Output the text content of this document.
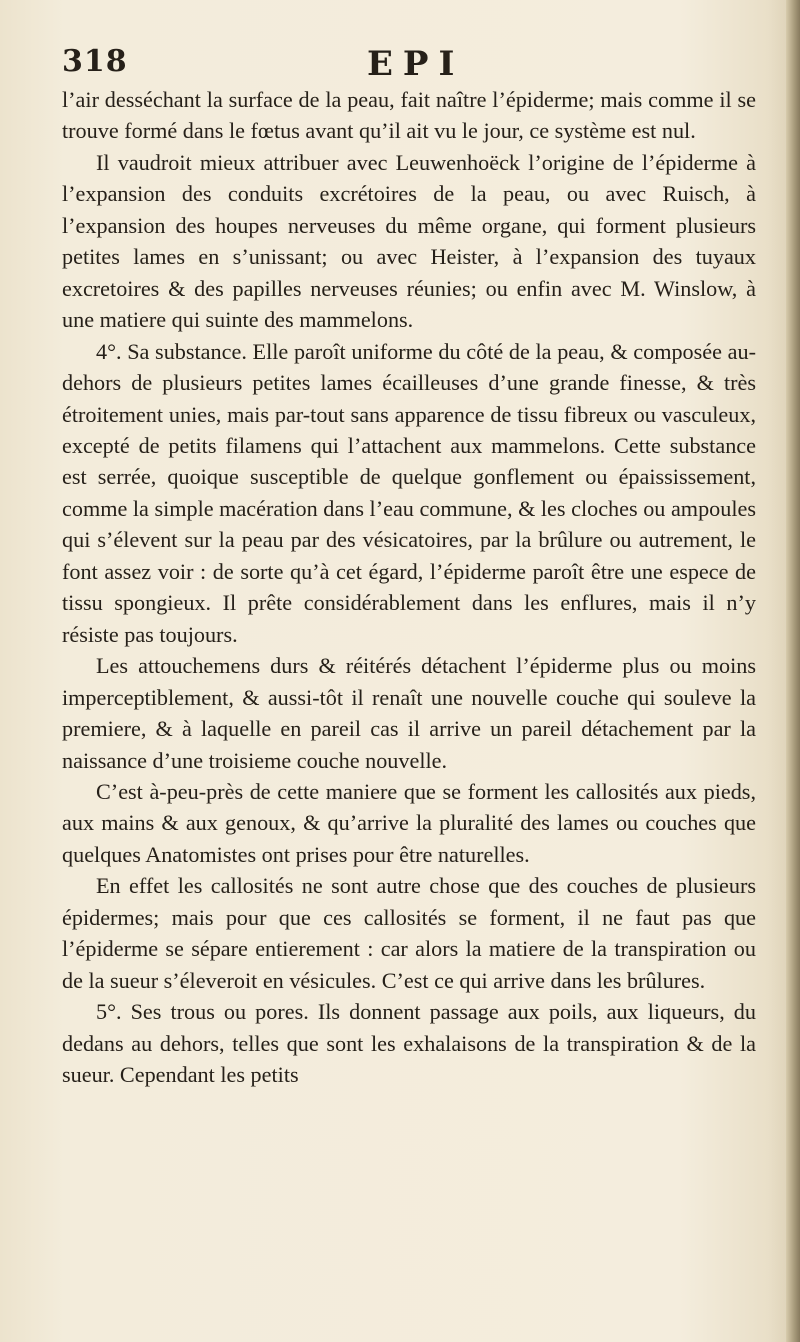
318	EPI

l’air desséchant la surface de la peau, fait naître l’épiderme; mais comme il se trouve formé dans le fœtus avant qu’il ait vu le jour, ce système est nul.

Il vaudroit mieux attribuer avec Leuwenhoëck l’origine de l’épiderme à l’expansion des conduits excrétoires de la peau, ou avec Ruisch, à l’expansion des houpes nerveuses du même organe, qui forment plusieurs petites lames en s’unissant; ou avec Heister, à l’expansion des tuyaux excretoires & des papilles nerveuses réunies; ou enfin avec M. Winslow, à une matiere qui suinte des mammelons.

4°. Sa substance. Elle paroît uniforme du côté de la peau, & composée au-dehors de plusieurs petites lames écailleuses d’une grande finesse, & très étroitement unies, mais par-tout sans apparence de tissu fibreux ou vasculeux, excepté de petits filamens qui l’attachent aux mammelons. Cette substance est serrée, quoique susceptible de quelque gonflement ou épaississement, comme la simple macération dans l’eau commune, & les cloches ou ampoules qui s’élevent sur la peau par des vésicatoires, par la brûlure ou autrement, le font assez voir : de sorte qu’à cet égard, l’épiderme paroît être une espece de tissu spongieux. Il prête considérablement dans les enflures, mais il n’y résiste pas toujours.

Les attouchemens durs & réitérés détachent l’épiderme plus ou moins imperceptiblement, & aussi-tôt il renaît une nouvelle couche qui souleve la premiere, & à laquelle en pareil cas il arrive un pareil détachement par la naissance d’une troisieme couche nouvelle.

C’est à-peu-près de cette maniere que se forment les callosités aux pieds, aux mains & aux genoux, & qu’arrive la pluralité des lames ou couches que quelques Anatomistes ont prises pour être naturelles.

En effet les callosités ne sont autre chose que des couches de plusieurs épidermes; mais pour que ces callosités se forment, il ne faut pas que l’épiderme se sépare entierement : car alors la matiere de la transpiration ou de la sueur s’éleveroit en vésicules. C’est ce qui arrive dans les brûlures.

5°. Ses trous ou pores. Ils donnent passage aux poils, aux liqueurs, du dedans au dehors, telles que sont les exhalaisons de la transpiration & de la sueur. Cependant les petits
